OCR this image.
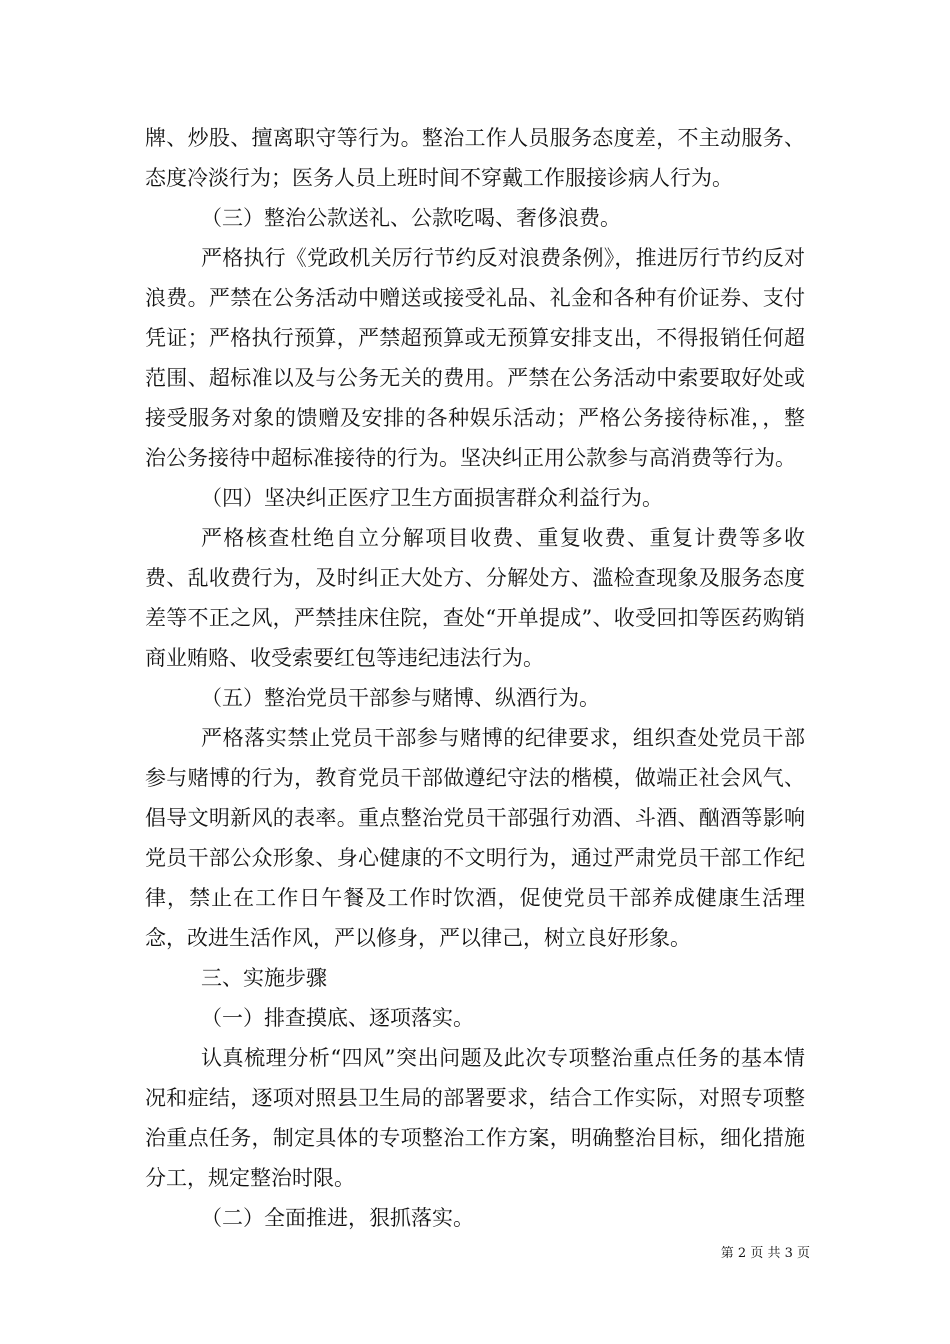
牌、炒股、擅离职守等行为。整治工作人员服务态度差，不主动服务、态度冷淡行为；医务人员上班时间不穿戴工作服接诊病人行为。

（三）整治公款送礼、公款吃喝、奢侈浪费。

严格执行《党政机关厉行节约反对浪费条例》，推进厉行节约反对浪费。严禁在公务活动中赠送或接受礼品、礼金和各种有价证券、支付凭证；严格执行预算，严禁超预算或无预算安排支出，不得报销任何超范围、超标准以及与公务无关的费用。严禁在公务活动中索要取好处或接受服务对象的馈赠及安排的各种娱乐活动；严格公务接待标准，，整治公务接待中超标准接待的行为。坚决纠正用公款参与高消费等行为。

（四）坚决纠正医疗卫生方面损害群众利益行为。

严格核查杜绝自立分解项目收费、重复收费、重复计费等多收费、乱收费行为，及时纠正大处方、分解处方、滥检查现象及服务态度差等不正之风，严禁挂床住院，查处“开单提成”、收受回扣等医药购销商业贿赂、收受索要红包等违纪违法行为。

（五）整治党员干部参与赌博、纵酒行为。

严格落实禁止党员干部参与赌博的纪律要求，组织查处党员干部参与赌博的行为，教育党员干部做遵纪守法的楷模，做端正社会风气、倡导文明新风的表率。重点整治党员干部强行劝酒、斗酒、酗酒等影响党员干部公众形象、身心健康的不文明行为，通过严肃党员干部工作纪律，禁止在工作日午餐及工作时饮酒，促使党员干部养成健康生活理念，改进生活作风，严以修身，严以律己，树立良好形象。

三、实施步骤

（一）排查摸底、逐项落实。

认真梳理分析“四风”突出问题及此次专项整治重点任务的基本情况和症结，逐项对照县卫生局的部署要求，结合工作实际，对照专项整治重点任务，制定具体的专项整治工作方案，明确整治目标，细化措施分工，规定整治时限。

（二）全面推进，狠抓落实。

第 2 页 共 3 页
